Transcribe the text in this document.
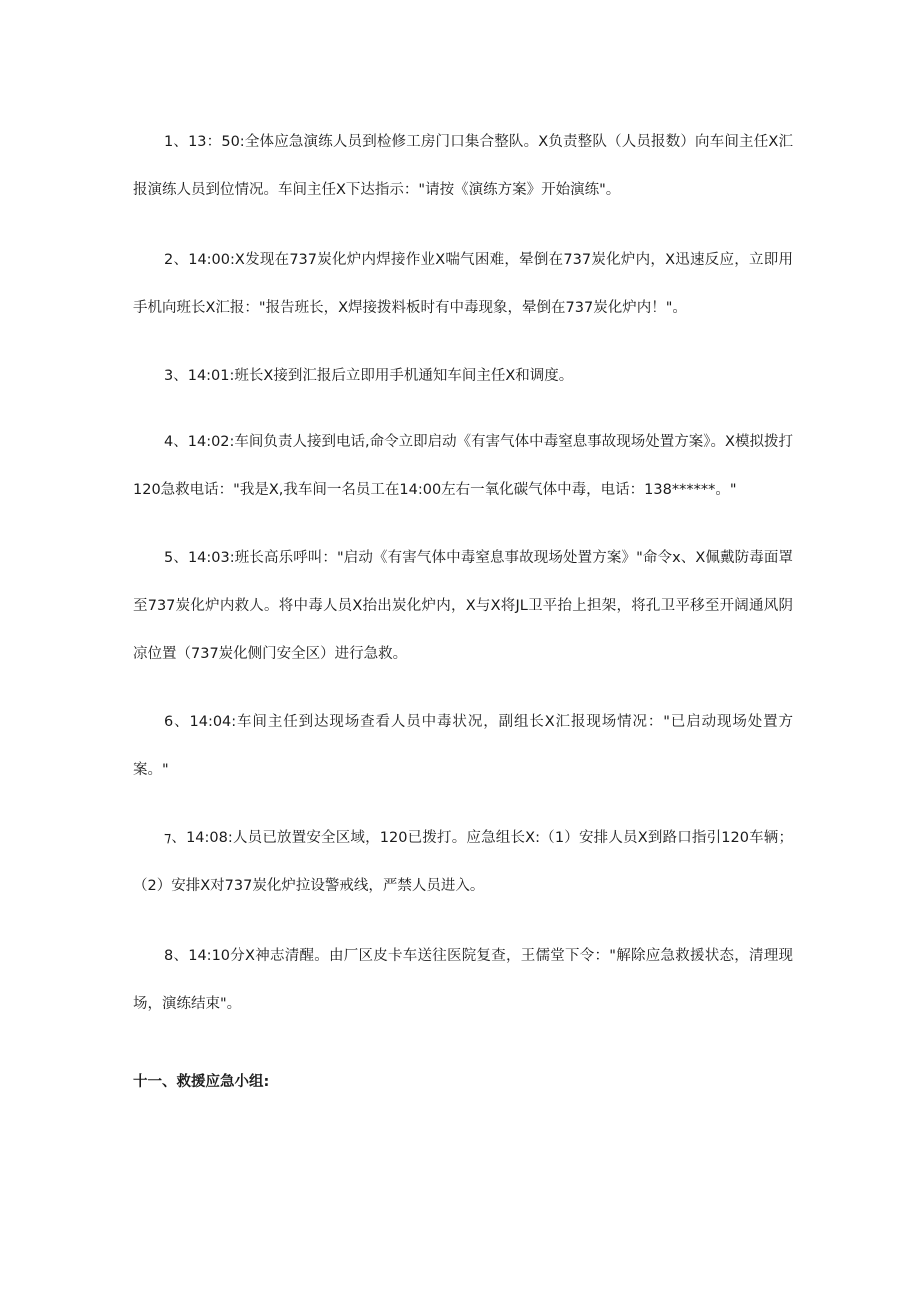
1、13：50:全体应急演练人员到检修工房门口集合整队。X负责整队（人员报数）向车间主任X汇报演练人员到位情况。车间主任X下达指示："请按《演练方案》开始演练"。

2、14:00:X发现在737炭化炉内焊接作业X喘气困难，晕倒在737炭化炉内，X迅速反应，立即用手机向班长X汇报："报告班长，X焊接拨料板时有中毒现象，晕倒在737炭化炉内！"。

3、14:01:班长X接到汇报后立即用手机通知车间主任X和调度。

4、14:02:车间负责人接到电话,命令立即启动《有害气体中毒窒息事故现场处置方案》。X模拟拨打120急救电话："我是X,我车间一名员工在14:00左右一氧化碳气体中毒，电话：138******。"

5、14:03:班长高乐呼叫："启动《有害气体中毒窒息事故现场处置方案》"命令x、X佩戴防毒面罩至737炭化炉内救人。将中毒人员X抬出炭化炉内，X与X将JL卫平抬上担架，将孔卫平移至开阔通风阴凉位置（737炭化侧门安全区）进行急救。

6、14:04:车间主任到达现场查看人员中毒状况，副组长X汇报现场情况："已启动现场处置方案。"

⁊、14:08:人员已放置安全区域，120已拨打。应急组长X:（1）安排人员X到路口指引120车辆；（2）安排X对737炭化炉拉设警戒线，严禁人员进入。

8、14:10分X神志清醒。由厂区皮卡车送往医院复查，王儒堂下令："解除应急救援状态，清理现场，演练结束"。

十一、救援应急小组:
